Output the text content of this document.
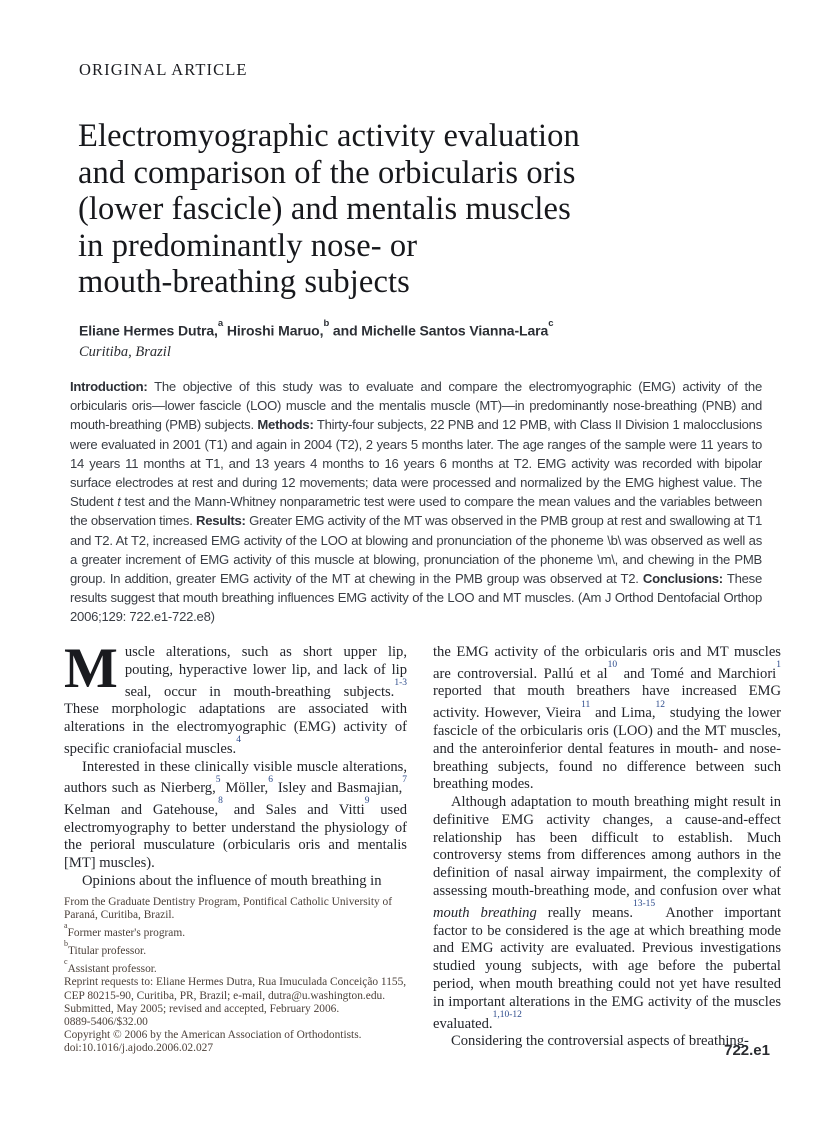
ORIGINAL ARTICLE
Electromyographic activity evaluation
and comparison of the orbicularis oris
(lower fascicle) and mentalis muscles
in predominantly nose- or
mouth-breathing subjects
Eliane Hermes Dutra,$^a$ Hiroshi Maruo,$^b$ and Michelle Santos Vianna-Lara$^c$
Curitiba, Brazil
Introduction: The objective of this study was to evaluate and compare the electromyographic (EMG) activity of the orbicularis oris—lower fascicle (LOO) muscle and the mentalis muscle (MT)—in predominantly nose-breathing (PNB) and mouth-breathing (PMB) subjects. Methods: Thirty-four subjects, 22 PNB and 12 PMB, with Class II Division 1 malocclusions were evaluated in 2001 (T1) and again in 2004 (T2), 2 years 5 months later. The age ranges of the sample were 11 years to 14 years 11 months at T1, and 13 years 4 months to 16 years 6 months at T2. EMG activity was recorded with bipolar surface electrodes at rest and during 12 movements; data were processed and normalized by the EMG highest value. The Student t test and the Mann-Whitney nonparametric test were used to compare the mean values and the variables between the observation times. Results: Greater EMG activity of the MT was observed in the PMB group at rest and swallowing at T1 and T2. At T2, increased EMG activity of the LOO at blowing and pronunciation of the phoneme \b\ was observed as well as a greater increment of EMG activity of this muscle at blowing, pronunciation of the phoneme \m\, and chewing in the PMB group. In addition, greater EMG activity of the MT at chewing in the PMB group was observed at T2. Conclusions: These results suggest that mouth breathing influences EMG activity of the LOO and MT muscles. (Am J Orthod Dentofacial Orthop 2006;129: 722.e1-722.e8)

Muscle alterations, such as short upper lip, pouting, hyperactive lower lip, and lack of lip seal, occur in mouth-breathing subjects.$^{1-3}$ These morphologic adaptations are associated with alterations in the electromyographic (EMG) activity of specific craniofacial muscles.$^4$

Interested in these clinically visible muscle alterations, authors such as Nierberg,$^5$ Möller,$^6$ Isley and Basmajian,$^7$ Kelman and Gatehouse,$^8$ and Sales and Vitti$^9$ used electromyography to better understand the physiology of the perioral musculature (orbicularis oris and mentalis [MT] muscles).

Opinions about the influence of mouth breathing in

the EMG activity of the orbicularis oris and MT muscles are controversial. Pallú et $al^{10}$ and Tomé and Marchiori$^1$ reported that mouth breathers have increased EMG activity. However, Vieira$^{11}$ and Lima,$^{12}$ studying the lower fascicle of the orbicularis oris (LOO) and the MT muscles, and the anteroinferior dental features in mouth- and nose-breathing subjects, found no difference between such breathing modes.

Although adaptation to mouth breathing might result in definitive EMG activity changes, a cause-and-effect relationship has been difficult to establish. Much controversy stems from differences among authors in the definition of nasal airway impairment, the complexity of assessing mouth-breathing mode, and confusion over what mouth breathing really means.$^{13-15}$ Another important factor to be considered is the age at which breathing mode and EMG activity are evaluated. Previous investigations studied young subjects, with age before the pubertal period, when mouth breathing could not yet have resulted in important alterations in the EMG activity of the muscles evaluated.$^{1,10-12}$

Considering the controversial aspects of breathing-

From the Graduate Dentistry Program, Pontifical Catholic University of Paraná, Curitiba, Brazil.
$^a$Former master's program.
$^b$Titular professor.
$^c$Assistant professor.
Reprint requests to: Eliane Hermes Dutra, Rua Imuculada Conceição 1155, CEP 80215-90, Curitiba, PR, Brazil; e-mail, dutra@u.washington.edu.
Submitted, May 2005; revised and accepted, February 2006.
0889-5406/$32.00
Copyright © 2006 by the American Association of Orthodontists.
doi:10.1016/j.ajodo.2006.02.027	722.e1
